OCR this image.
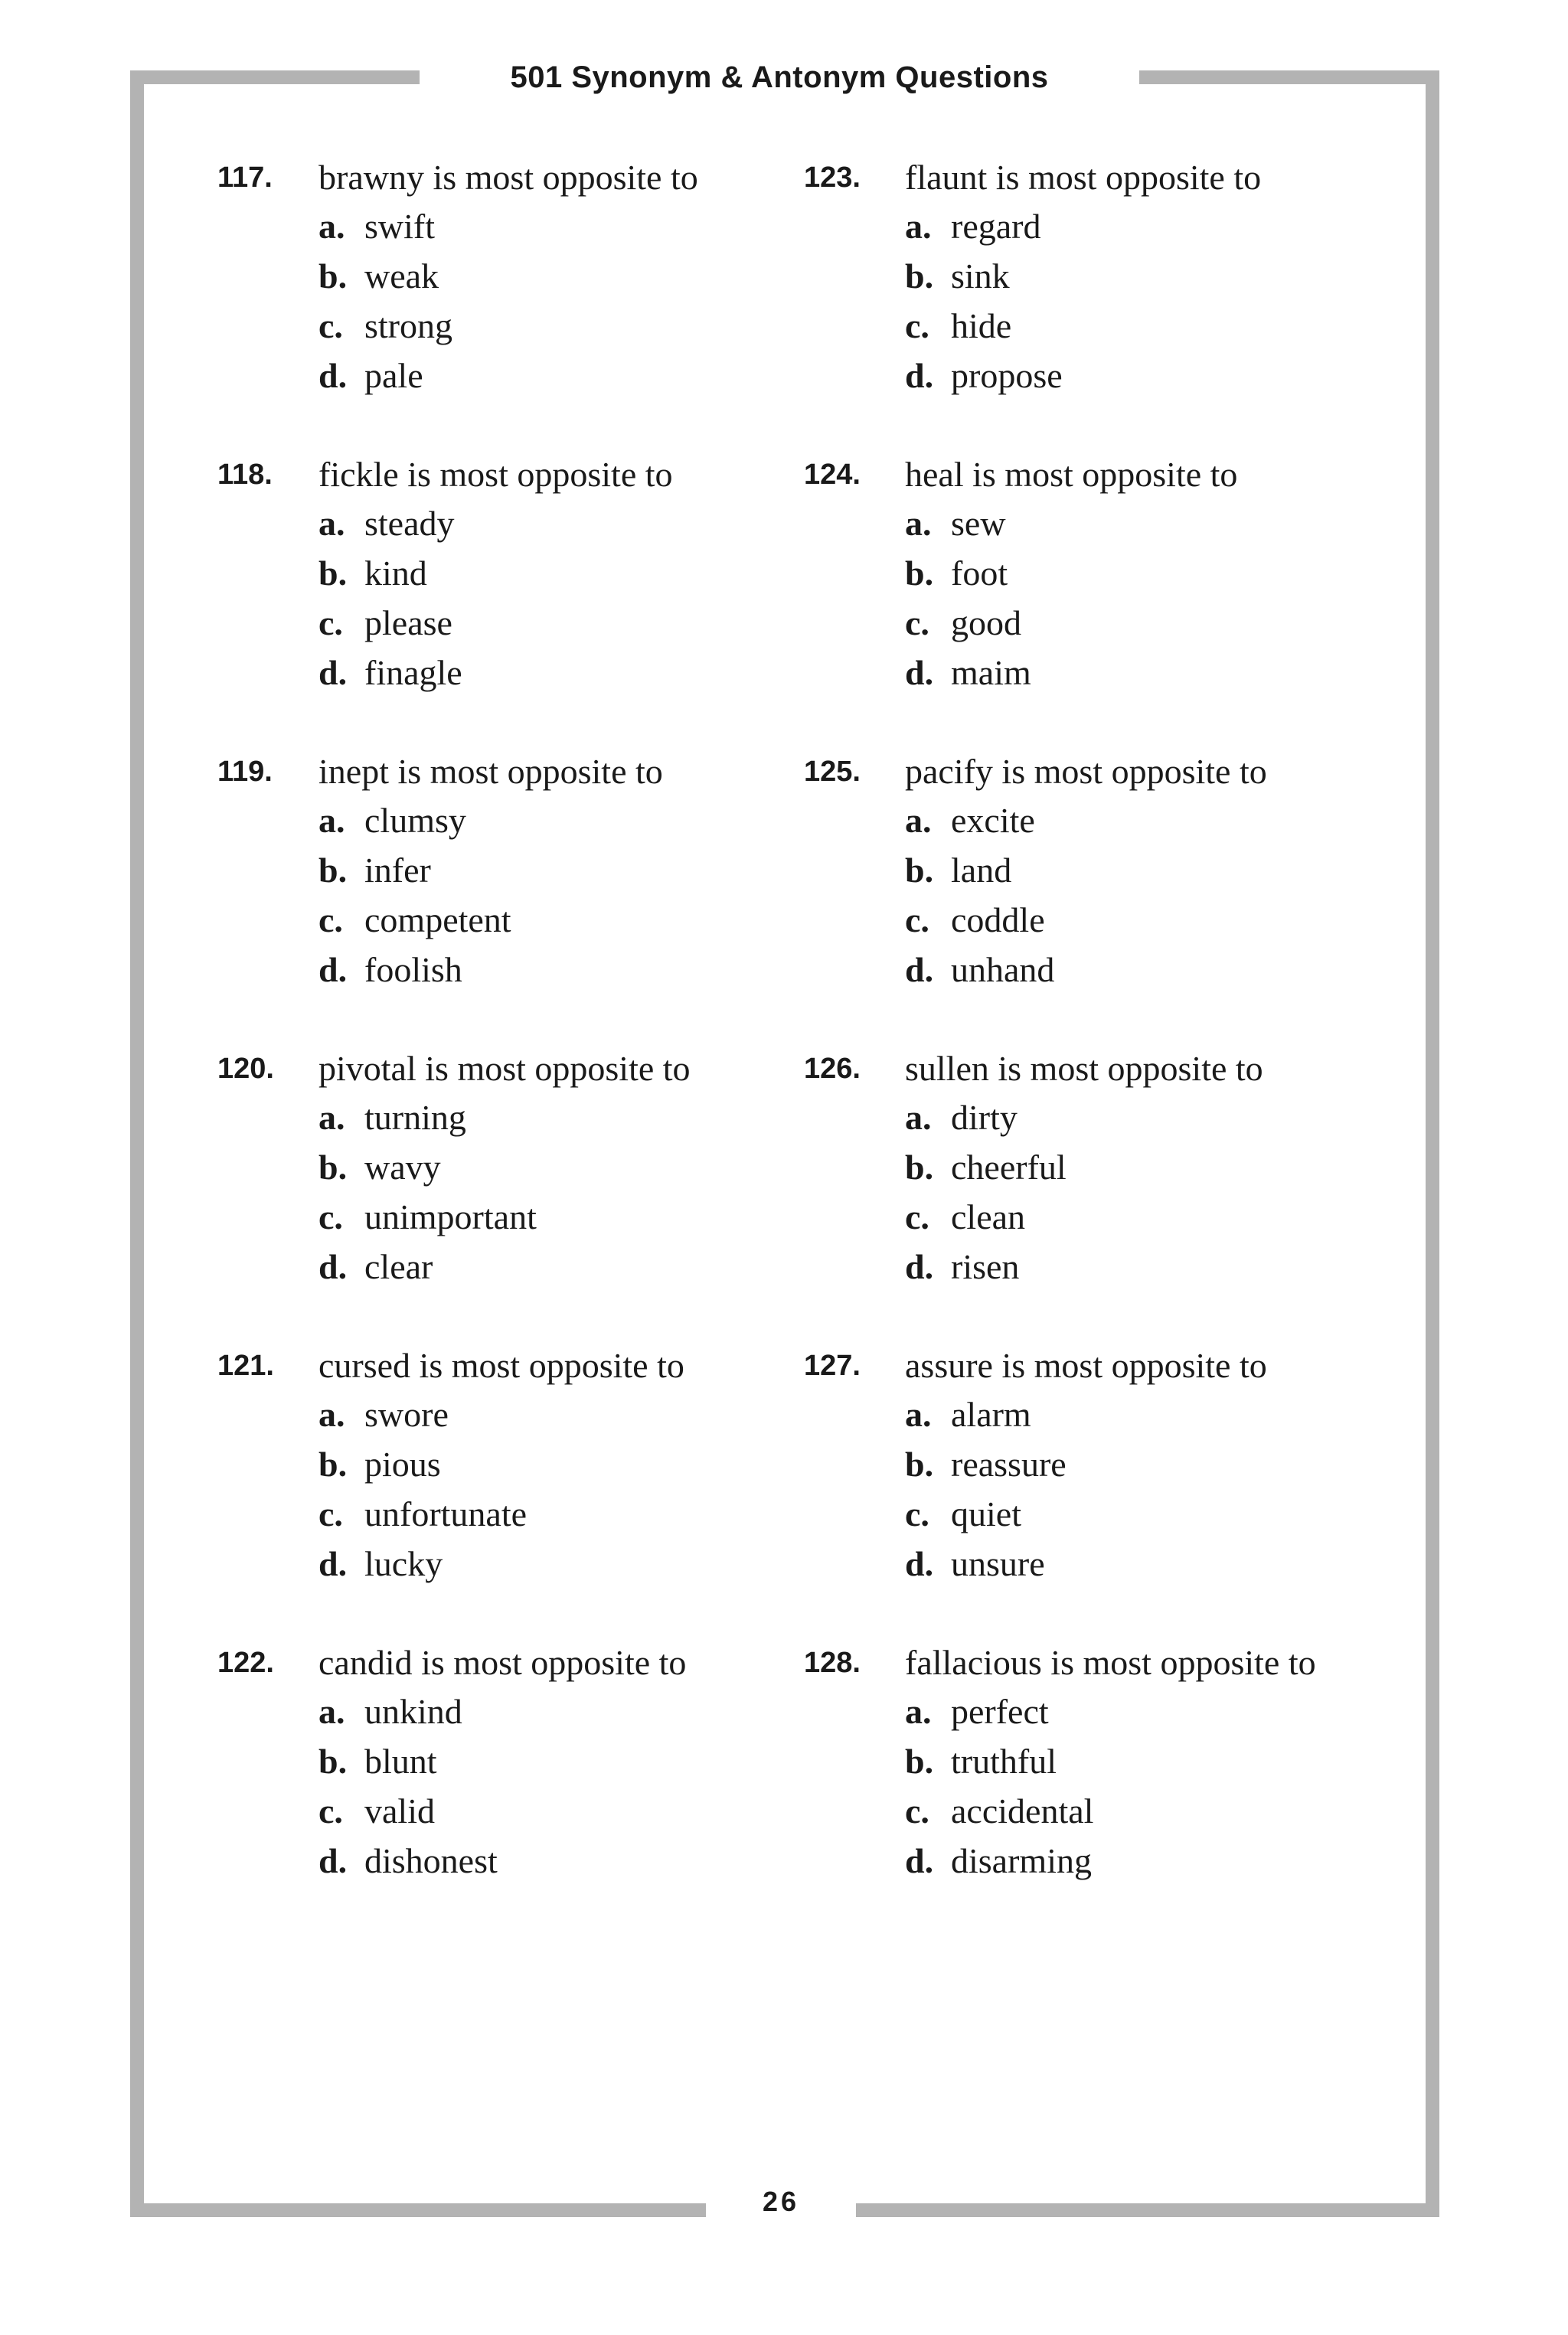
501 Synonym & Antonym Questions
117. brawny is most opposite to
a. swift
b. weak
c. strong
d. pale
118. fickle is most opposite to
a. steady
b. kind
c. please
d. finagle
119. inept is most opposite to
a. clumsy
b. infer
c. competent
d. foolish
120. pivotal is most opposite to
a. turning
b. wavy
c. unimportant
d. clear
121. cursed is most opposite to
a. swore
b. pious
c. unfortunate
d. lucky
122. candid is most opposite to
a. unkind
b. blunt
c. valid
d. dishonest
123. flaunt is most opposite to
a. regard
b. sink
c. hide
d. propose
124. heal is most opposite to
a. sew
b. foot
c. good
d. maim
125. pacify is most opposite to
a. excite
b. land
c. coddle
d. unhand
126. sullen is most opposite to
a. dirty
b. cheerful
c. clean
d. risen
127. assure is most opposite to
a. alarm
b. reassure
c. quiet
d. unsure
128. fallacious is most opposite to
a. perfect
b. truthful
c. accidental
d. disarming
26
